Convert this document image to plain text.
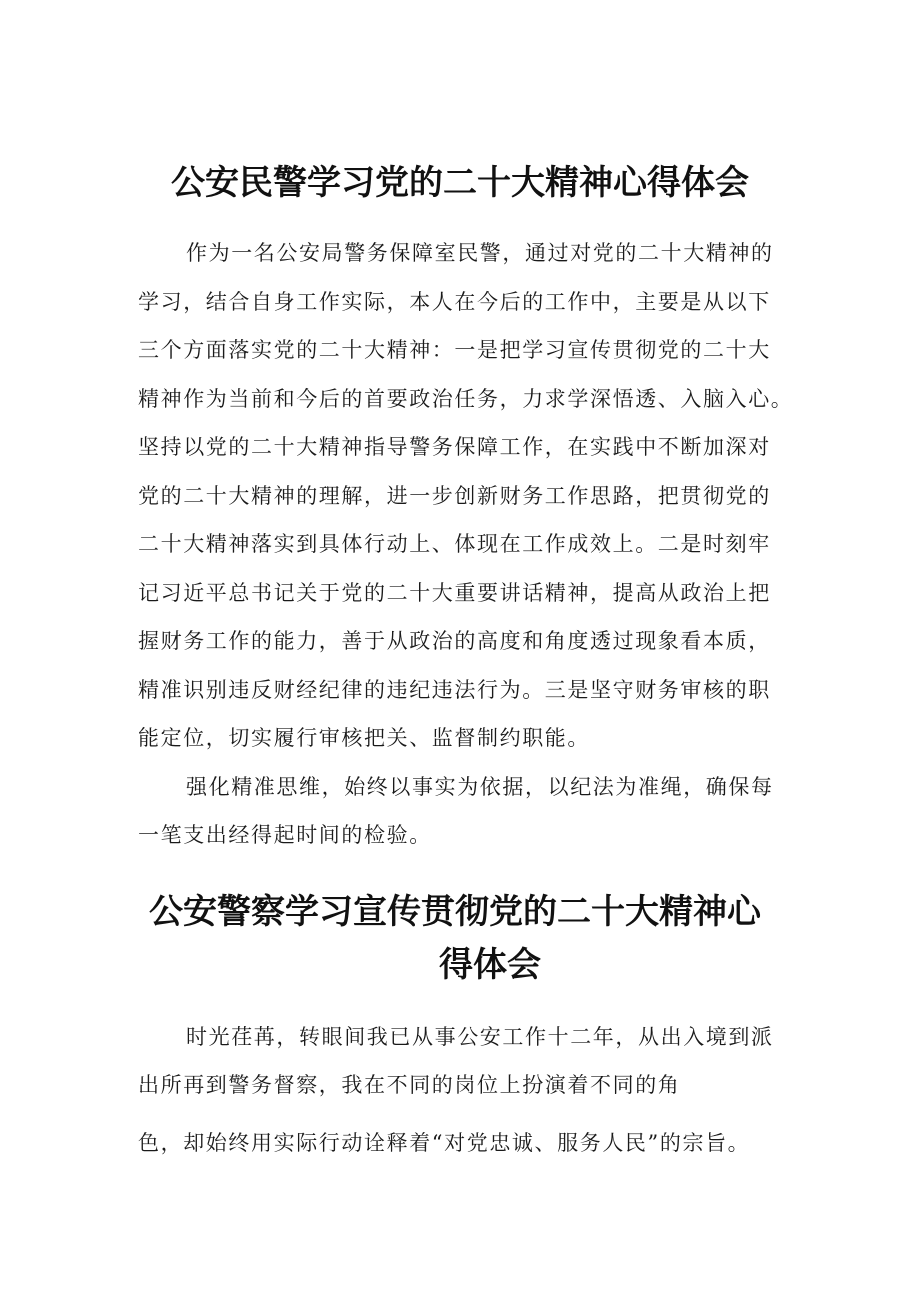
公安民警学习党的二十大精神心得体会

作为一名公安局警务保障室民警，通过对党的二十大精神的

学习，结合自身工作实际，本人在今后的工作中，主要是从以下

三个方面落实党的二十大精神：一是把学习宣传贯彻党的二十大

精神作为当前和今后的首要政治任务，力求学深悟透、入脑入心。

坚持以党的二十大精神指导警务保障工作，在实践中不断加深对

党的二十大精神的理解，进一步创新财务工作思路，把贯彻党的

二十大精神落实到具体行动上、体现在工作成效上。二是时刻牢

记习近平总书记关于党的二十大重要讲话精神，提高从政治上把

握财务工作的能力，善于从政治的高度和角度透过现象看本质，

精准识别违反财经纪律的违纪违法行为。三是坚守财务审核的职

能定位，切实履行审核把关、监督制约职能。

强化精准思维，始终以事实为依据，以纪法为准绳，确保每

一笔支出经得起时间的检验。

公安警察学习宣传贯彻党的二十大精神心
得体会

时光荏苒，转眼间我已从事公安工作十二年，从出入境到派

出所再到警务督察，我在不同的岗位上扮演着不同的角

色，却始终用实际行动诠释着“对党忠诚、服务人民”的宗旨。
